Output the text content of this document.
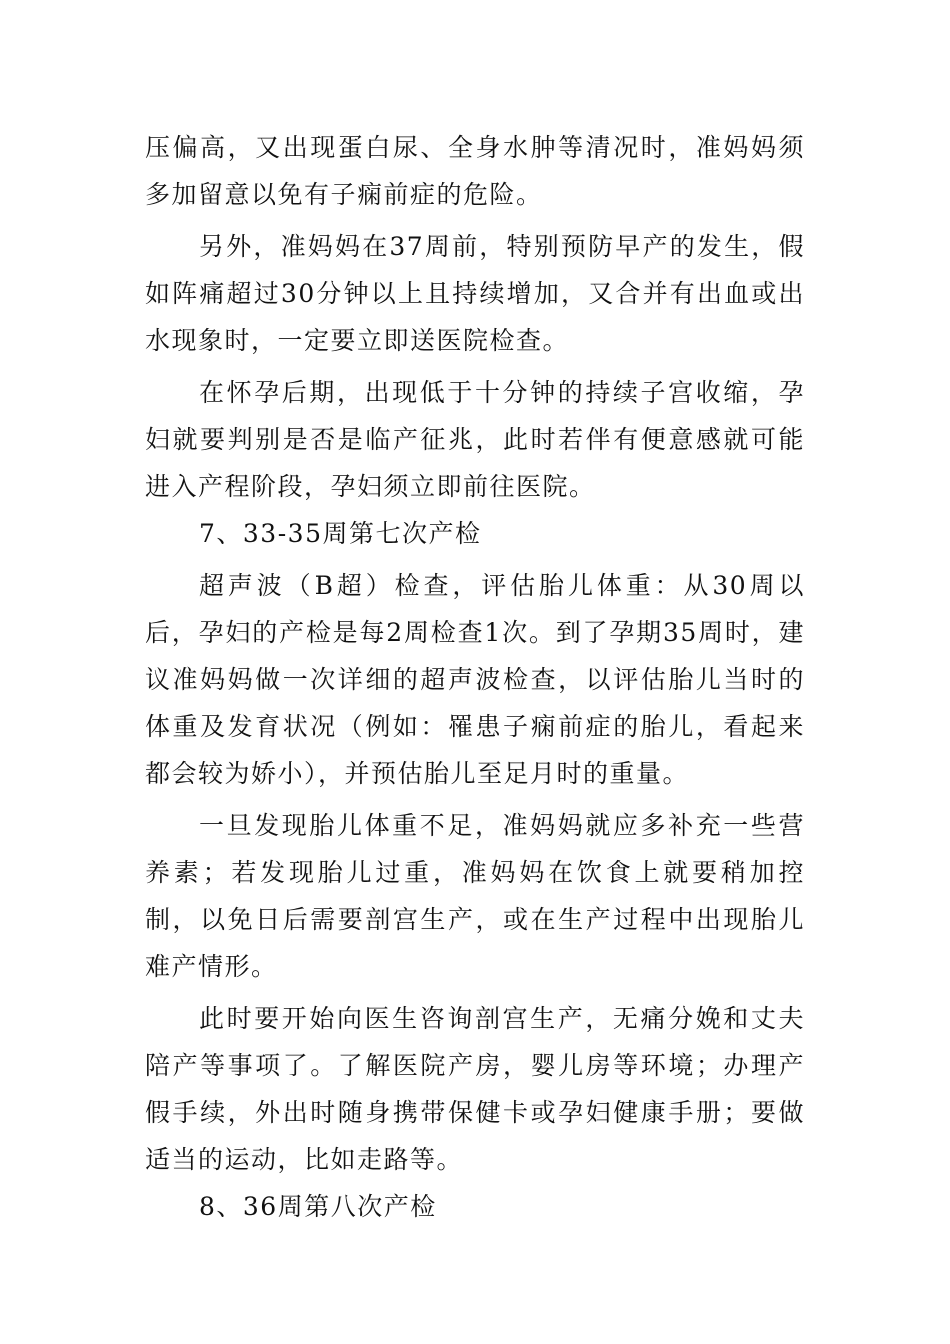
压偏高，又出现蛋白尿、全身水肿等清况时，准妈妈须多加留意以免有子痫前症的危险。

另外，准妈妈在37周前，特别预防早产的发生，假如阵痛超过30分钟以上且持续增加，又合并有出血或出水现象时，一定要立即送医院检查。

在怀孕后期，出现低于十分钟的持续子宫收缩，孕妇就要判别是否是临产征兆，此时若伴有便意感就可能进入产程阶段，孕妇须立即前往医院。

7、33-35周第七次产检

超声波（B超）检查，评估胎儿体重：从30周以后，孕妇的产检是每2周检查1次。到了孕期35周时，建议准妈妈做一次详细的超声波检查，以评估胎儿当时的体重及发育状况（例如：罹患子痫前症的胎儿，看起来都会较为娇小），并预估胎儿至足月时的重量。

一旦发现胎儿体重不足，准妈妈就应多补充一些营养素；若发现胎儿过重，准妈妈在饮食上就要稍加控制，以免日后需要剖宫生产，或在生产过程中出现胎儿难产情形。

此时要开始向医生咨询剖宫生产，无痛分娩和丈夫陪产等事项了。了解医院产房，婴儿房等环境；办理产假手续，外出时随身携带保健卡或孕妇健康手册；要做适当的运动，比如走路等。

8、36周第八次产检
